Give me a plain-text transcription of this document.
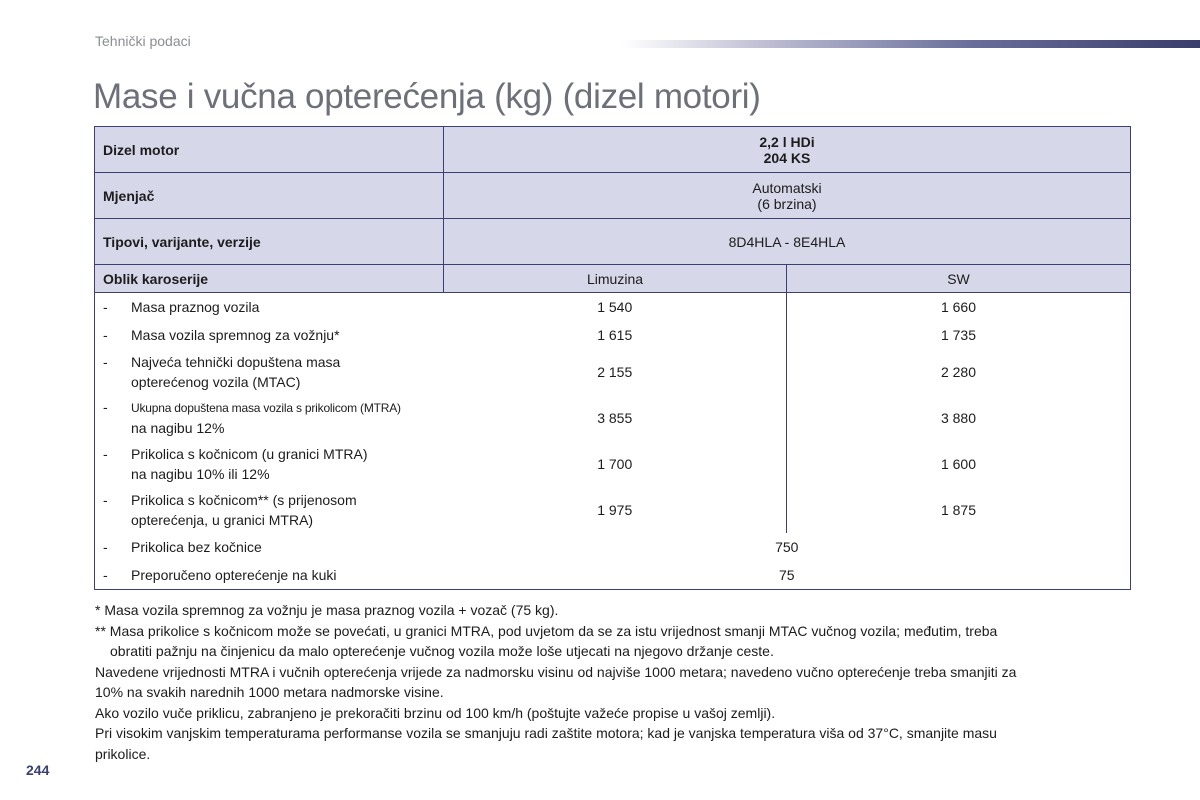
Tehnički podaci
Mase i vučna opterećenja (kg) (dizel motori)
Dizel motor	2,2 l HDi
204 KS	

Mjenjač	Automatski
(6 brzina)	

Tipovi, varijante, verzije	8D4HLA - 8E4HLA	
Oblik karoserije	Limuzina	SW

- Masa praznog vozila	1 540	1 660

- Masa vozila spremnog za vožnju*	1 615	1 735

- Najveća tehnički dopuštena masa
opterećenog vozila (MTAC)	2 155	2 280

- Ukupna dopuštena masa vozila s prikolicom (MTRA)
na nagibu 12%	3 855	3 880

- Prikolica s kočnicom (u granici MTRA)
na nagibu 10% ili 12%	1 700	1 600

- Prikolica s kočnicom** (s prijenosom
opterećenja, u granici MTRA)	1 975	1 875

- Prikolica bez kočnice	750	

- Preporučeno opterećenje na kuki	75	

* Masa vozila spremnog za vožnju je masa praznog vozila + vozač (75 kg).

** Masa prikolice s kočnicom može se povećati, u granici MTRA, pod uvjetom da se za istu vrijednost smanji MTAC vučnog vozila; međutim, treba

obratiti pažnju na činjenicu da malo opterećenje vučnog vozila može loše utjecati na njegovo držanje ceste.

Navedene vrijednosti MTRA i vučnih opterećenja vrijede za nadmorsku visinu od najviše 1000 metara; navedeno vučno opterećenje treba smanjiti za

10% na svakih narednih 1000 metara nadmorske visine.

Ako vozilo vuče priklicu, zabranjeno je prekoračiti brzinu od 100 km/h (poštujte važeće propise u vašoj zemlji).

Pri visokim vanjskim temperaturama performanse vozila se smanjuju radi zaštite motora; kad je vanjska temperatura viša od 37°C, smanjite masu

prikolice.

244
